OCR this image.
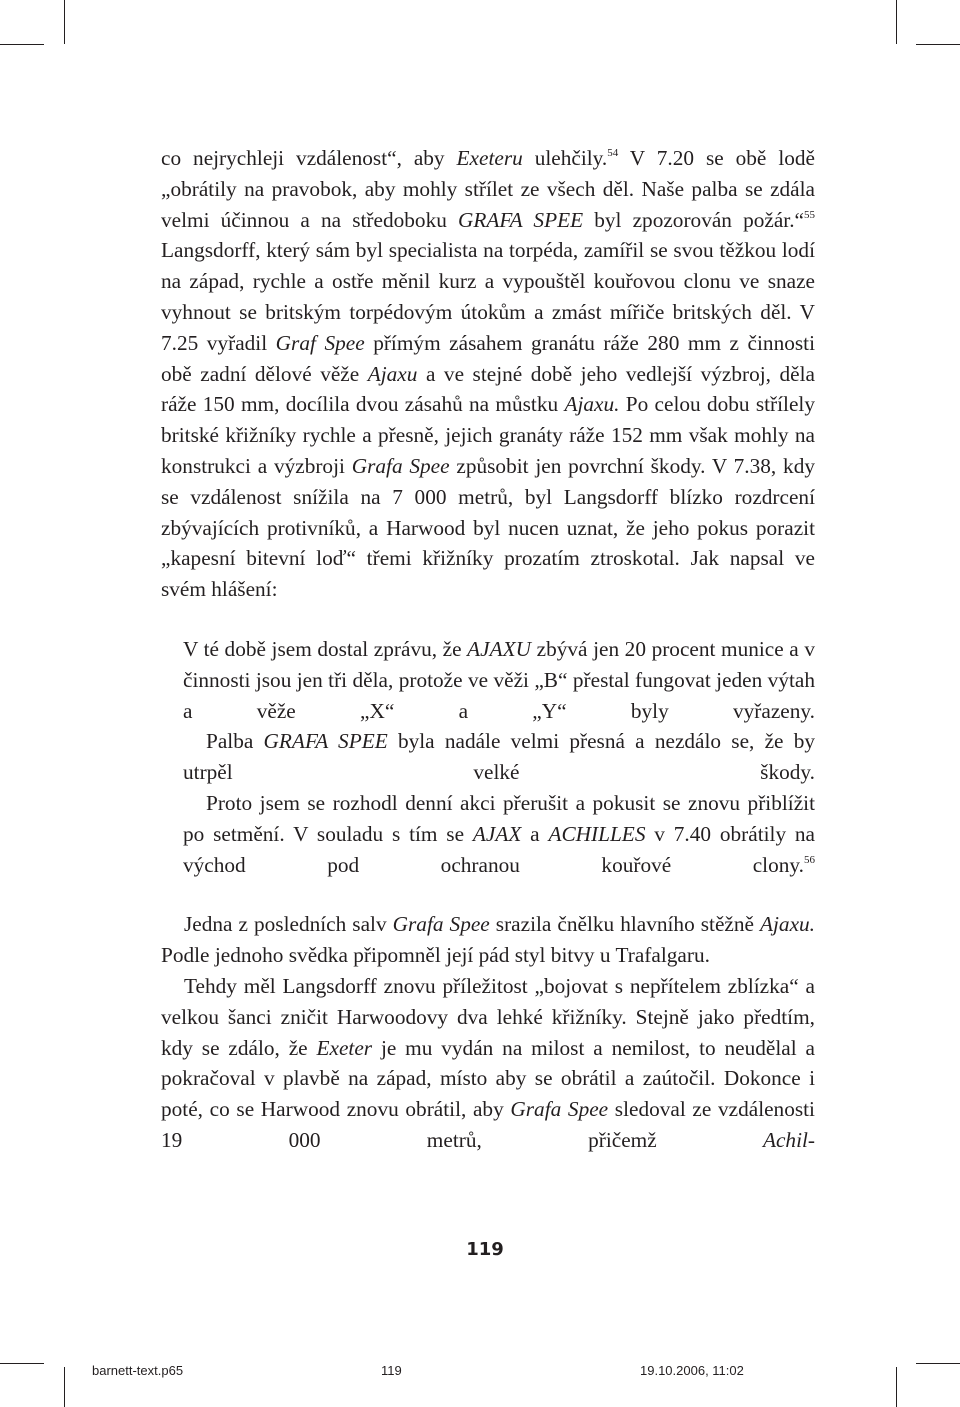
co nejrychleji vzdálenost“, aby Exeteru ulehčily.$^{54}$ V 7.20 se obě lodě „obrátily na pravobok, aby mohly střílet ze všech děl. Naše palba se zdála velmi účinnou a na středoboku GRAFA SPEE byl zpozorován požár.“$^{55}$ Langsdorff, který sám byl specialista na torpéda, zamířil se svou těžkou lodí na západ, rychle a ostře měnil kurz a vypouštěl kouřovou clonu ve snaze vyhnout se britským torpédovým útokům a zmást mířiče britských děl. V 7.25 vyřadil Graf Spee přímým zásahem granátu ráže 280 mm z činnosti obě zadní dělové věže Ajaxu a ve stejné době jeho vedlejší výzbroj, děla ráže 150 mm, docílila dvou zásahů na můstku Ajaxu. Po celou dobu střílely britské křižníky rychle a přesně, jejich granáty ráže 152 mm však mohly na konstrukci a výzbroji Grafa Spee způsobit jen povrchní škody. V 7.38, kdy se vzdálenost snížila na 7 000 metrů, byl Langsdorff blízko rozdrcení zbývajících protivníků, a Harwood byl nucen uznat, že jeho pokus porazit „kapesní bitevní loď“ třemi křižníky prozatím ztroskotal. Jak napsal ve svém hlášení:

V té době jsem dostal zprávu, že AJAXU zbývá jen 20 procent munice a v činnosti jsou jen tři děla, protože ve věži „B“ přestal fungovat jeden výtah a věže „X“ a „Y“ byly vyřazeny.

Palba GRAFA SPEE byla nadále velmi přesná a nezdálo se, že by utrpěl velké škody.

Proto jsem se rozhodl denní akci přerušit a pokusit se znovu přiblížit po setmění. V souladu s tím se AJAX a ACHILLES v 7.40 obrátily na východ pod ochranou kouřové clony.$^{56}$

Jedna z posledních salv Grafa Spee srazila čnělku hlavního stěžně Ajaxu. Podle jednoho svědka připomněl její pád styl bitvy u Trafalgaru.

Tehdy měl Langsdorff znovu příležitost „bojovat s nepřítelem zblízka“ a velkou šanci zničit Harwoodovy dva lehké křižníky. Stejně jako předtím, kdy se zdálo, že Exeter je mu vydán na milost a nemilost, to neudělal a pokračoval v plavbě na západ, místo aby se obrátil a zaútočil. Dokonce i poté, co se Harwood znovu obrátil, aby Grafa Spee sledoval ze vzdálenosti 19 000 metrů, přičemž Achil-

119
barnett-text.p65	119	19.10.2006, 11:02
